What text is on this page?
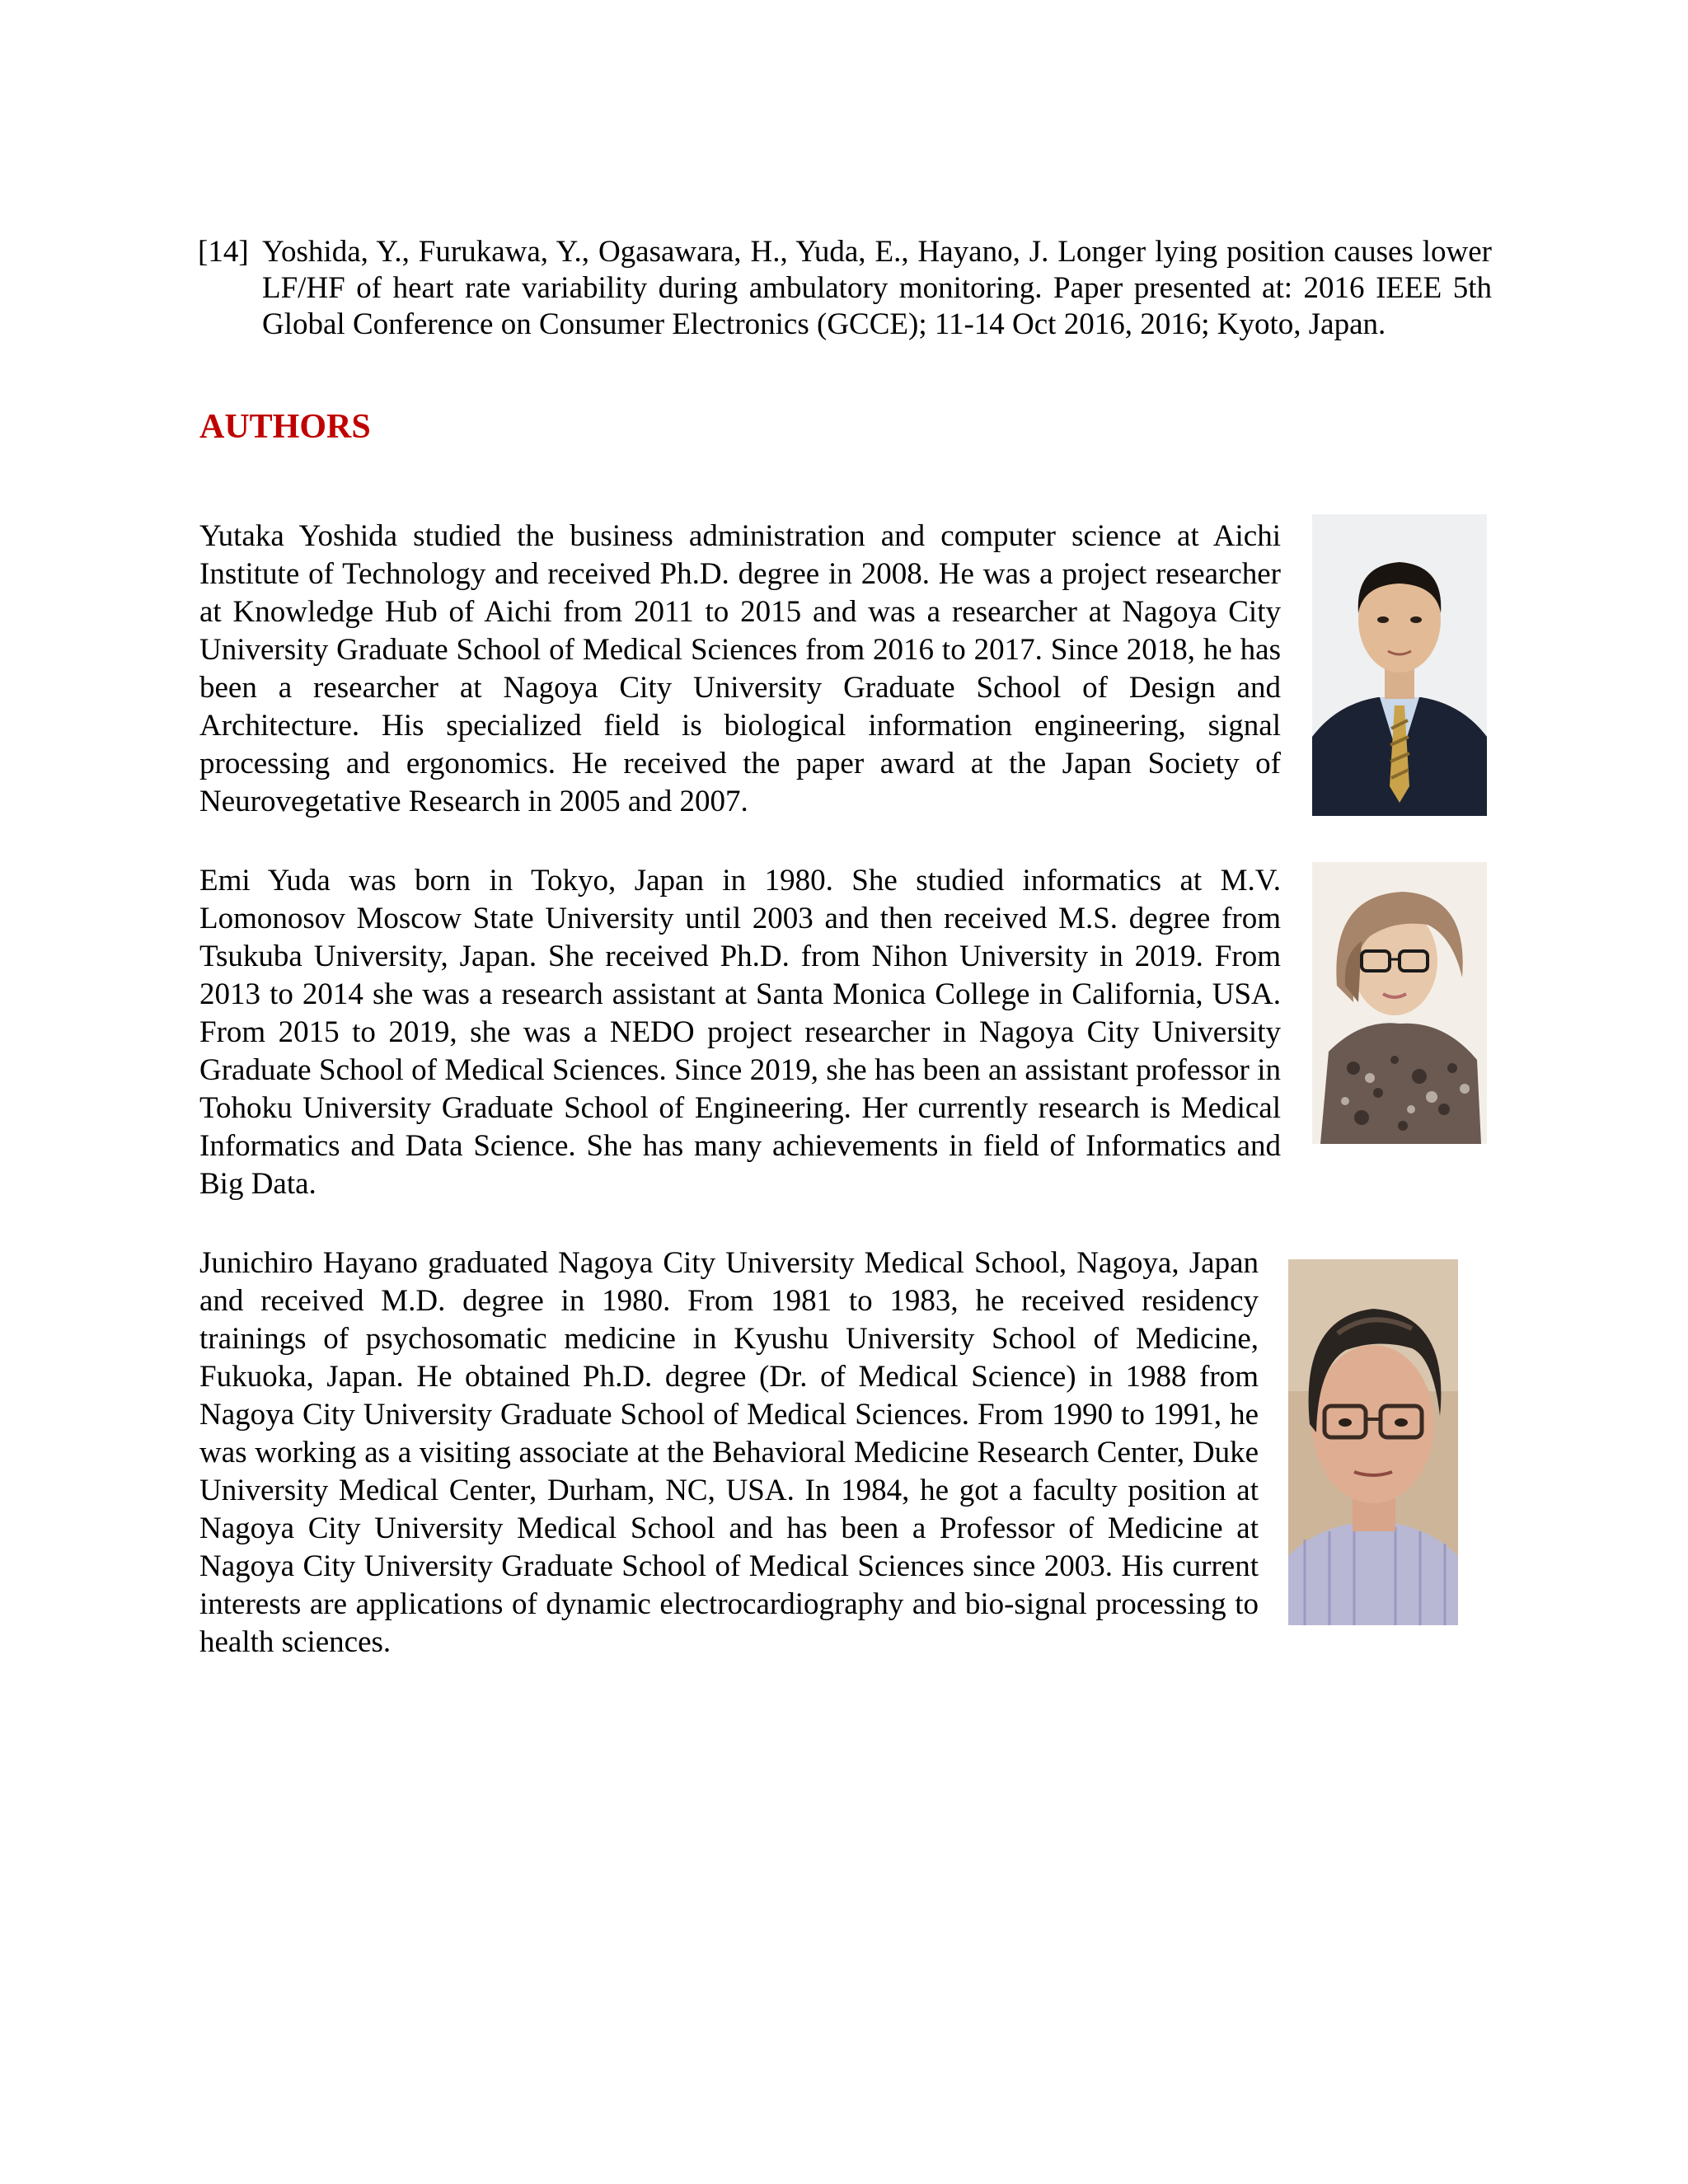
[14] Yoshida, Y., Furukawa, Y., Ogasawara, H., Yuda, E., Hayano, J. Longer lying position causes lower LF/HF of heart rate variability during ambulatory monitoring. Paper presented at: 2016 IEEE 5th Global Conference on Consumer Electronics (GCCE); 11-14 Oct 2016, 2016; Kyoto, Japan.
AUTHORS

Yutaka Yoshida studied the business administration and computer science at Aichi Institute of Technology and received Ph.D. degree in 2008. He was a project researcher at Knowledge Hub of Aichi from 2011 to 2015 and was a researcher at Nagoya City University Graduate School of Medical Sciences from 2016 to 2017. Since 2018, he has been a researcher at Nagoya City University Graduate School of Design and Architecture. His specialized field is biological information engineering, signal processing and ergonomics. He received the paper award at the Japan Society of Neurovegetative Research in 2005 and 2007.

Emi Yuda was born in Tokyo, Japan in 1980. She studied informatics at M.V. Lomonosov Moscow State University until 2003 and then received M.S. degree from Tsukuba University, Japan. She received Ph.D. from Nihon University in 2019. From 2013 to 2014 she was a research assistant at Santa Monica College in California, USA. From 2015 to 2019, she was a NEDO project researcher in Nagoya City University Graduate School of Medical Sciences. Since 2019, she has been an assistant professor in Tohoku University Graduate School of Engineering. Her currently research is Medical Informatics and Data Science. She has many achievements in field of Informatics and Big Data.

Junichiro Hayano graduated Nagoya City University Medical School, Nagoya, Japan and received M.D. degree in 1980. From 1981 to 1983, he received residency trainings of psychosomatic medicine in Kyushu University School of Medicine, Fukuoka, Japan. He obtained Ph.D. degree (Dr. of Medical Science) in 1988 from Nagoya City University Graduate School of Medical Sciences. From 1990 to 1991, he was working as a visiting associate at the Behavioral Medicine Research Center, Duke University Medical Center, Durham, NC, USA. In 1984, he got a faculty position at Nagoya City University Medical School and has been a Professor of Medicine at Nagoya City University Graduate School of Medical Sciences since 2003. His current interests are applications of dynamic electrocardiography and bio-signal processing to health sciences.
